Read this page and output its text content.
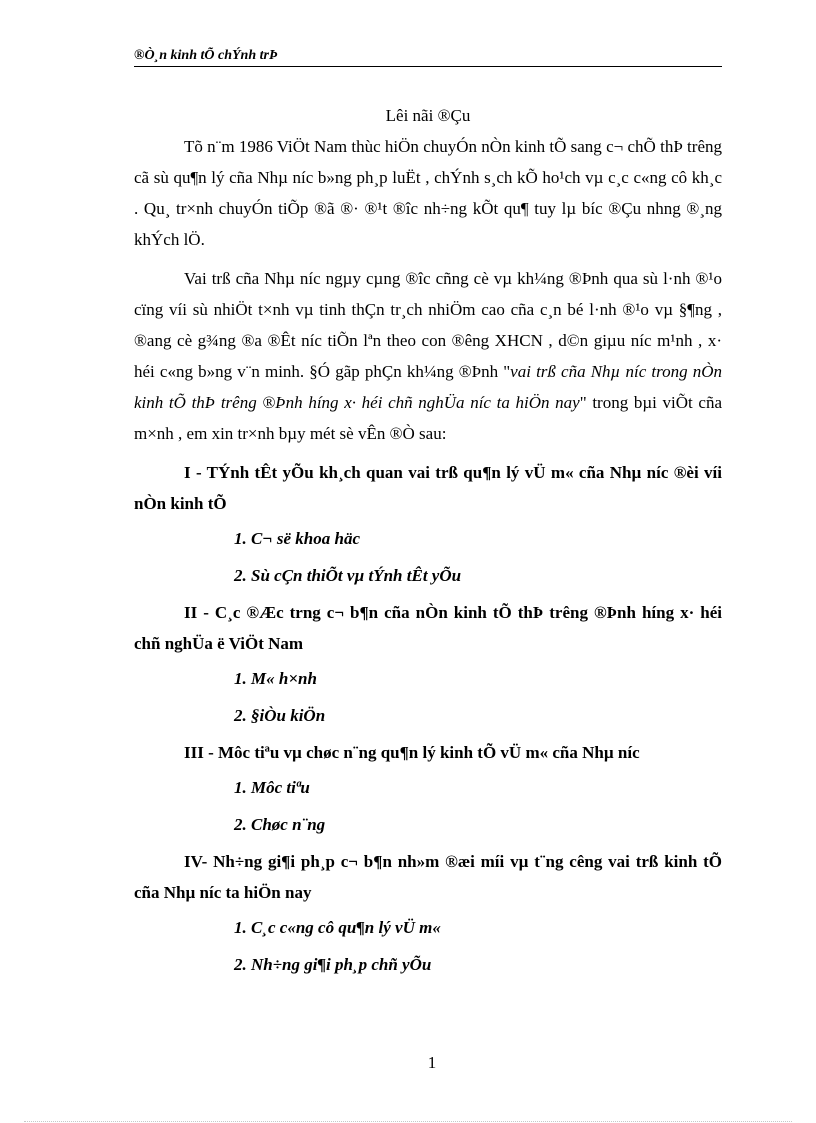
®Ò¸n kinh tÕ chÝnh trÞ

Lêi nãi ®Çu

Tõ n¨m 1986 ViÖt Nam thùc hiÖn chuyÓn nÒn kinh tÕ sang c¬ chÕ thÞ trêng cã sù qu¶n lý cña Nhµ níc b»ng ph¸p luËt , chÝnh s¸ch kÕ ho¹ch vµ c¸c c«ng cô kh¸c . Qu¸ tr×nh chuyÓn tiÕp ®ã ®· ®¹t ®îc nh÷ng kÕt qu¶ tuy lµ bíc ®Çu nhng ®¸ng khÝch lÖ.

Vai trß cña Nhµ níc ngµy cµng ®îc cñng cè vµ kh¼ng ®Þnh qua sù l·nh ®¹o cïng víi sù nhiÖt t×nh vµ tinh thÇn tr¸ch nhiÖm cao cña c¸n bé l·nh ®¹o vµ §¶ng , ®ang cè g¾ng ®a ®Êt níc tiÕn lªn theo con ®êng XHCN , d©n giµu níc m¹nh , x· héi c«ng b»ng v¨n minh. §Ó gãp phÇn kh¼ng ®Þnh "vai trß cña Nhµ níc trong nÒn kinh tÕ thÞ trêng ®Þnh híng x· héi chñ nghÜa níc ta hiÖn nay" trong bµi viÕt cña m×nh , em xin tr×nh bµy mét sè vÊn ®Ò sau:

I - TÝnh tÊt yÕu kh¸ch quan vai trß qu¶n lý vÜ m« cña Nhµ níc ®èi víi nÒn kinh tÕ

1. C¬ së khoa häc

2. Sù cÇn thiÕt vµ tÝnh tÊt yÕu

II - C¸c ®Æc trng c¬ b¶n cña nÒn kinh tÕ thÞ trêng ®Þnh híng x· héi chñ nghÜa ë ViÖt Nam

1. M« h×nh

2. §iÒu kiÖn

III - Môc tiªu vµ chøc n¨ng qu¶n lý kinh tÕ vÜ m« cña Nhµ níc

1. Môc tiªu

2. Chøc n¨ng

IV- Nh÷ng gi¶i ph¸p c¬ b¶n nh»m ®æi míi vµ t¨ng cêng vai trß kinh tÕ cña Nhµ níc ta hiÖn nay

1. C¸c c«ng cô qu¶n lý vÜ m«

2. Nh÷ng gi¶i ph¸p chñ yÕu

1
